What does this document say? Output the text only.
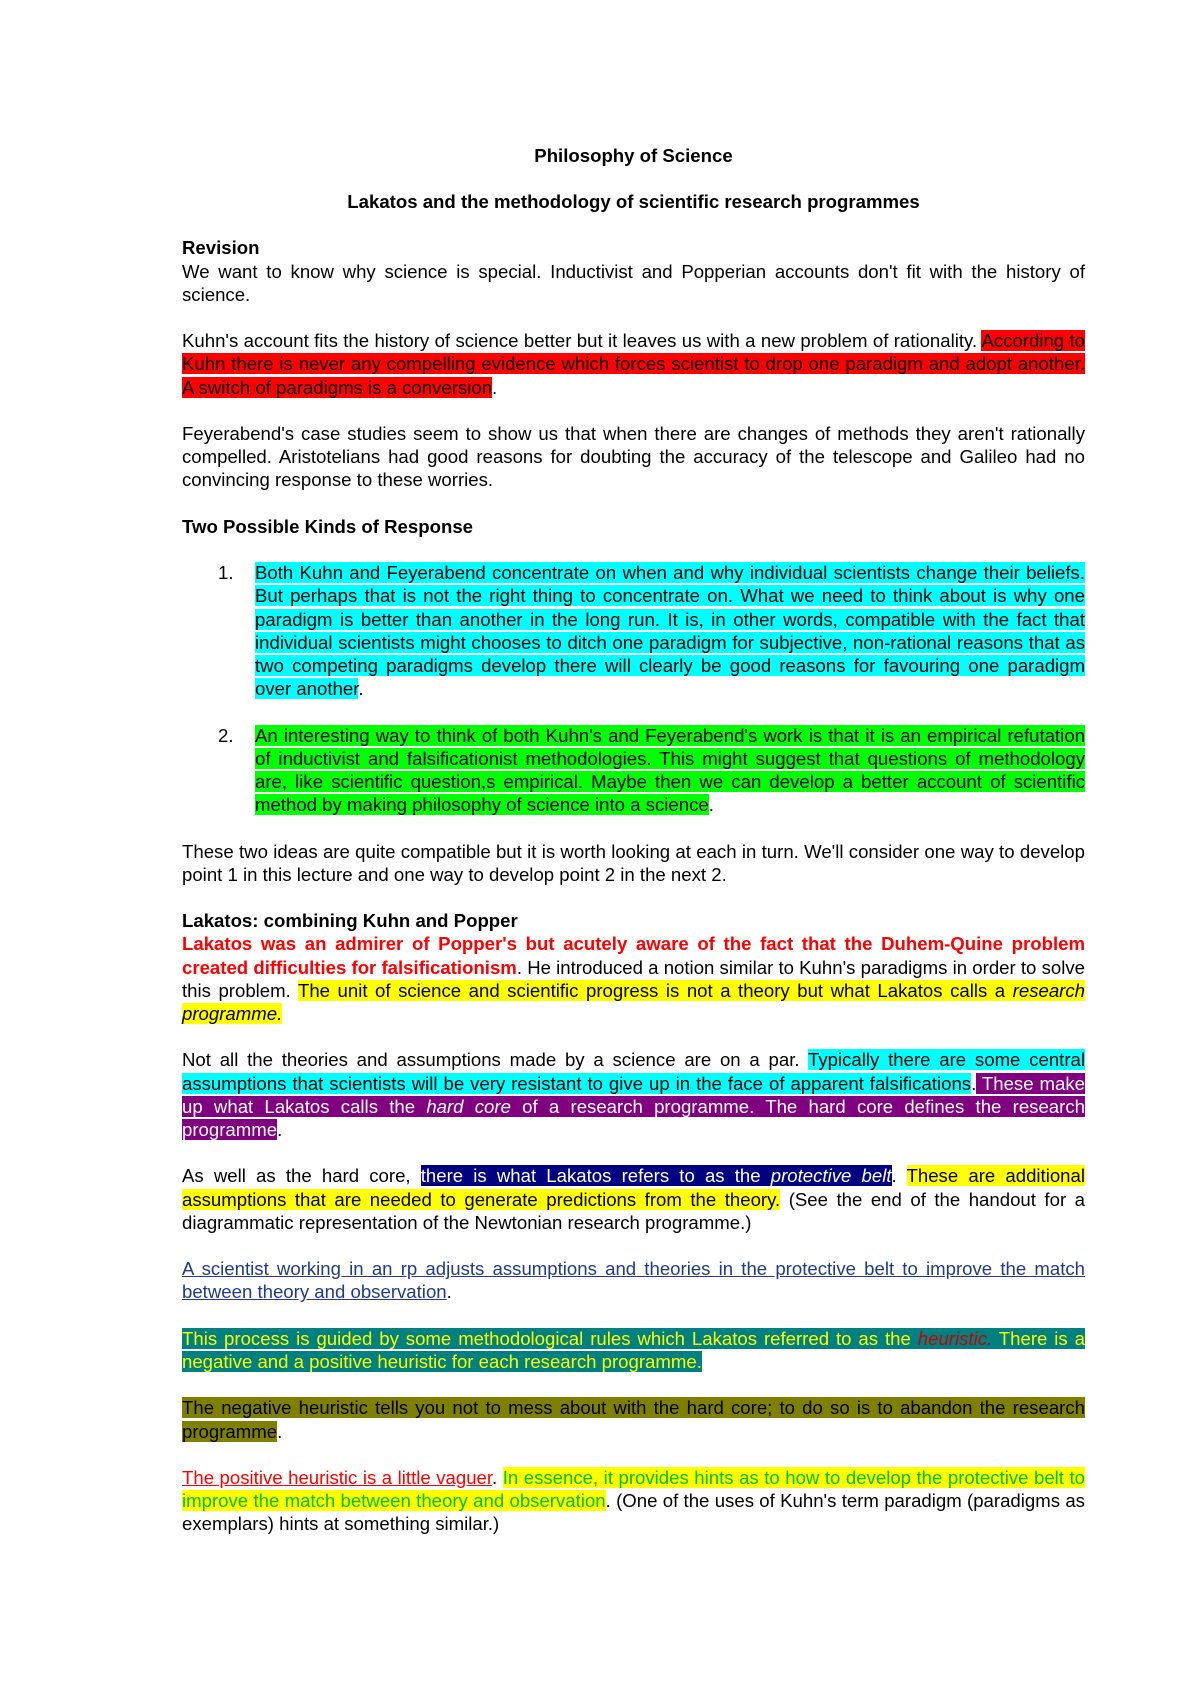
Philosophy of Science

Lakatos and the methodology of scientific research programmes

Revision

We want to know why science is special. Inductivist and Popperian accounts don't fit with the history of science.

Kuhn's account fits the history of science better but it leaves us with a new problem of rationality. According to Kuhn there is never any compelling evidence which forces scientist to drop one paradigm and adopt another. A switch of paradigms is a conversion.

Feyerabend's case studies seem to show us that when there are changes of methods they aren't rationally compelled. Aristotelians had good reasons for doubting the accuracy of the telescope and Galileo had no convincing response to these worries.

Two Possible Kinds of Response

1. Both Kuhn and Feyerabend concentrate on when and why individual scientists change their beliefs. But perhaps that is not the right thing to concentrate on. What we need to think about is why one paradigm is better than another in the long run. It is, in other words, compatible with the fact that individual scientists might chooses to ditch one paradigm for subjective, non-rational reasons that as two competing paradigms develop there will clearly be good reasons for favouring one paradigm over another.
2. An interesting way to think of both Kuhn's and Feyerabend's work is that it is an empirical refutation of inductivist and falsificationist methodologies. This might suggest that questions of methodology are, like scientific question,s empirical. Maybe then we can develop a better account of scientific method by making philosophy of science into a science.

These two ideas are quite compatible but it is worth looking at each in turn. We'll consider one way to develop point 1 in this lecture and one way to develop point 2 in the next 2.

Lakatos: combining Kuhn and Popper

Lakatos was an admirer of Popper's but acutely aware of the fact that the Duhem-Quine problem created difficulties for falsificationism. He introduced a notion similar to Kuhn's paradigms in order to solve this problem. The unit of science and scientific progress is not a theory but what Lakatos calls a research programme.

Not all the theories and assumptions made by a science are on a par. Typically there are some central assumptions that scientists will be very resistant to give up in the face of apparent falsifications. These make up what Lakatos calls the hard core of a research programme. The hard core defines the research programme.

As well as the hard core, there is what Lakatos refers to as the protective belt. These are additional assumptions that are needed to generate predictions from the theory. (See the end of the handout for a diagrammatic representation of the Newtonian research programme.)

A scientist working in an rp adjusts assumptions and theories in the protective belt to improve the match between theory and observation.

This process is guided by some methodological rules which Lakatos referred to as the heuristic. There is a negative and a positive heuristic for each research programme.

The negative heuristic tells you not to mess about with the hard core; to do so is to abandon the research programme.

The positive heuristic is a little vaguer. In essence, it provides hints as to how to develop the protective belt to improve the match between theory and observation. (One of the uses of Kuhn's term paradigm (paradigms as exemplars) hints at something similar.)
